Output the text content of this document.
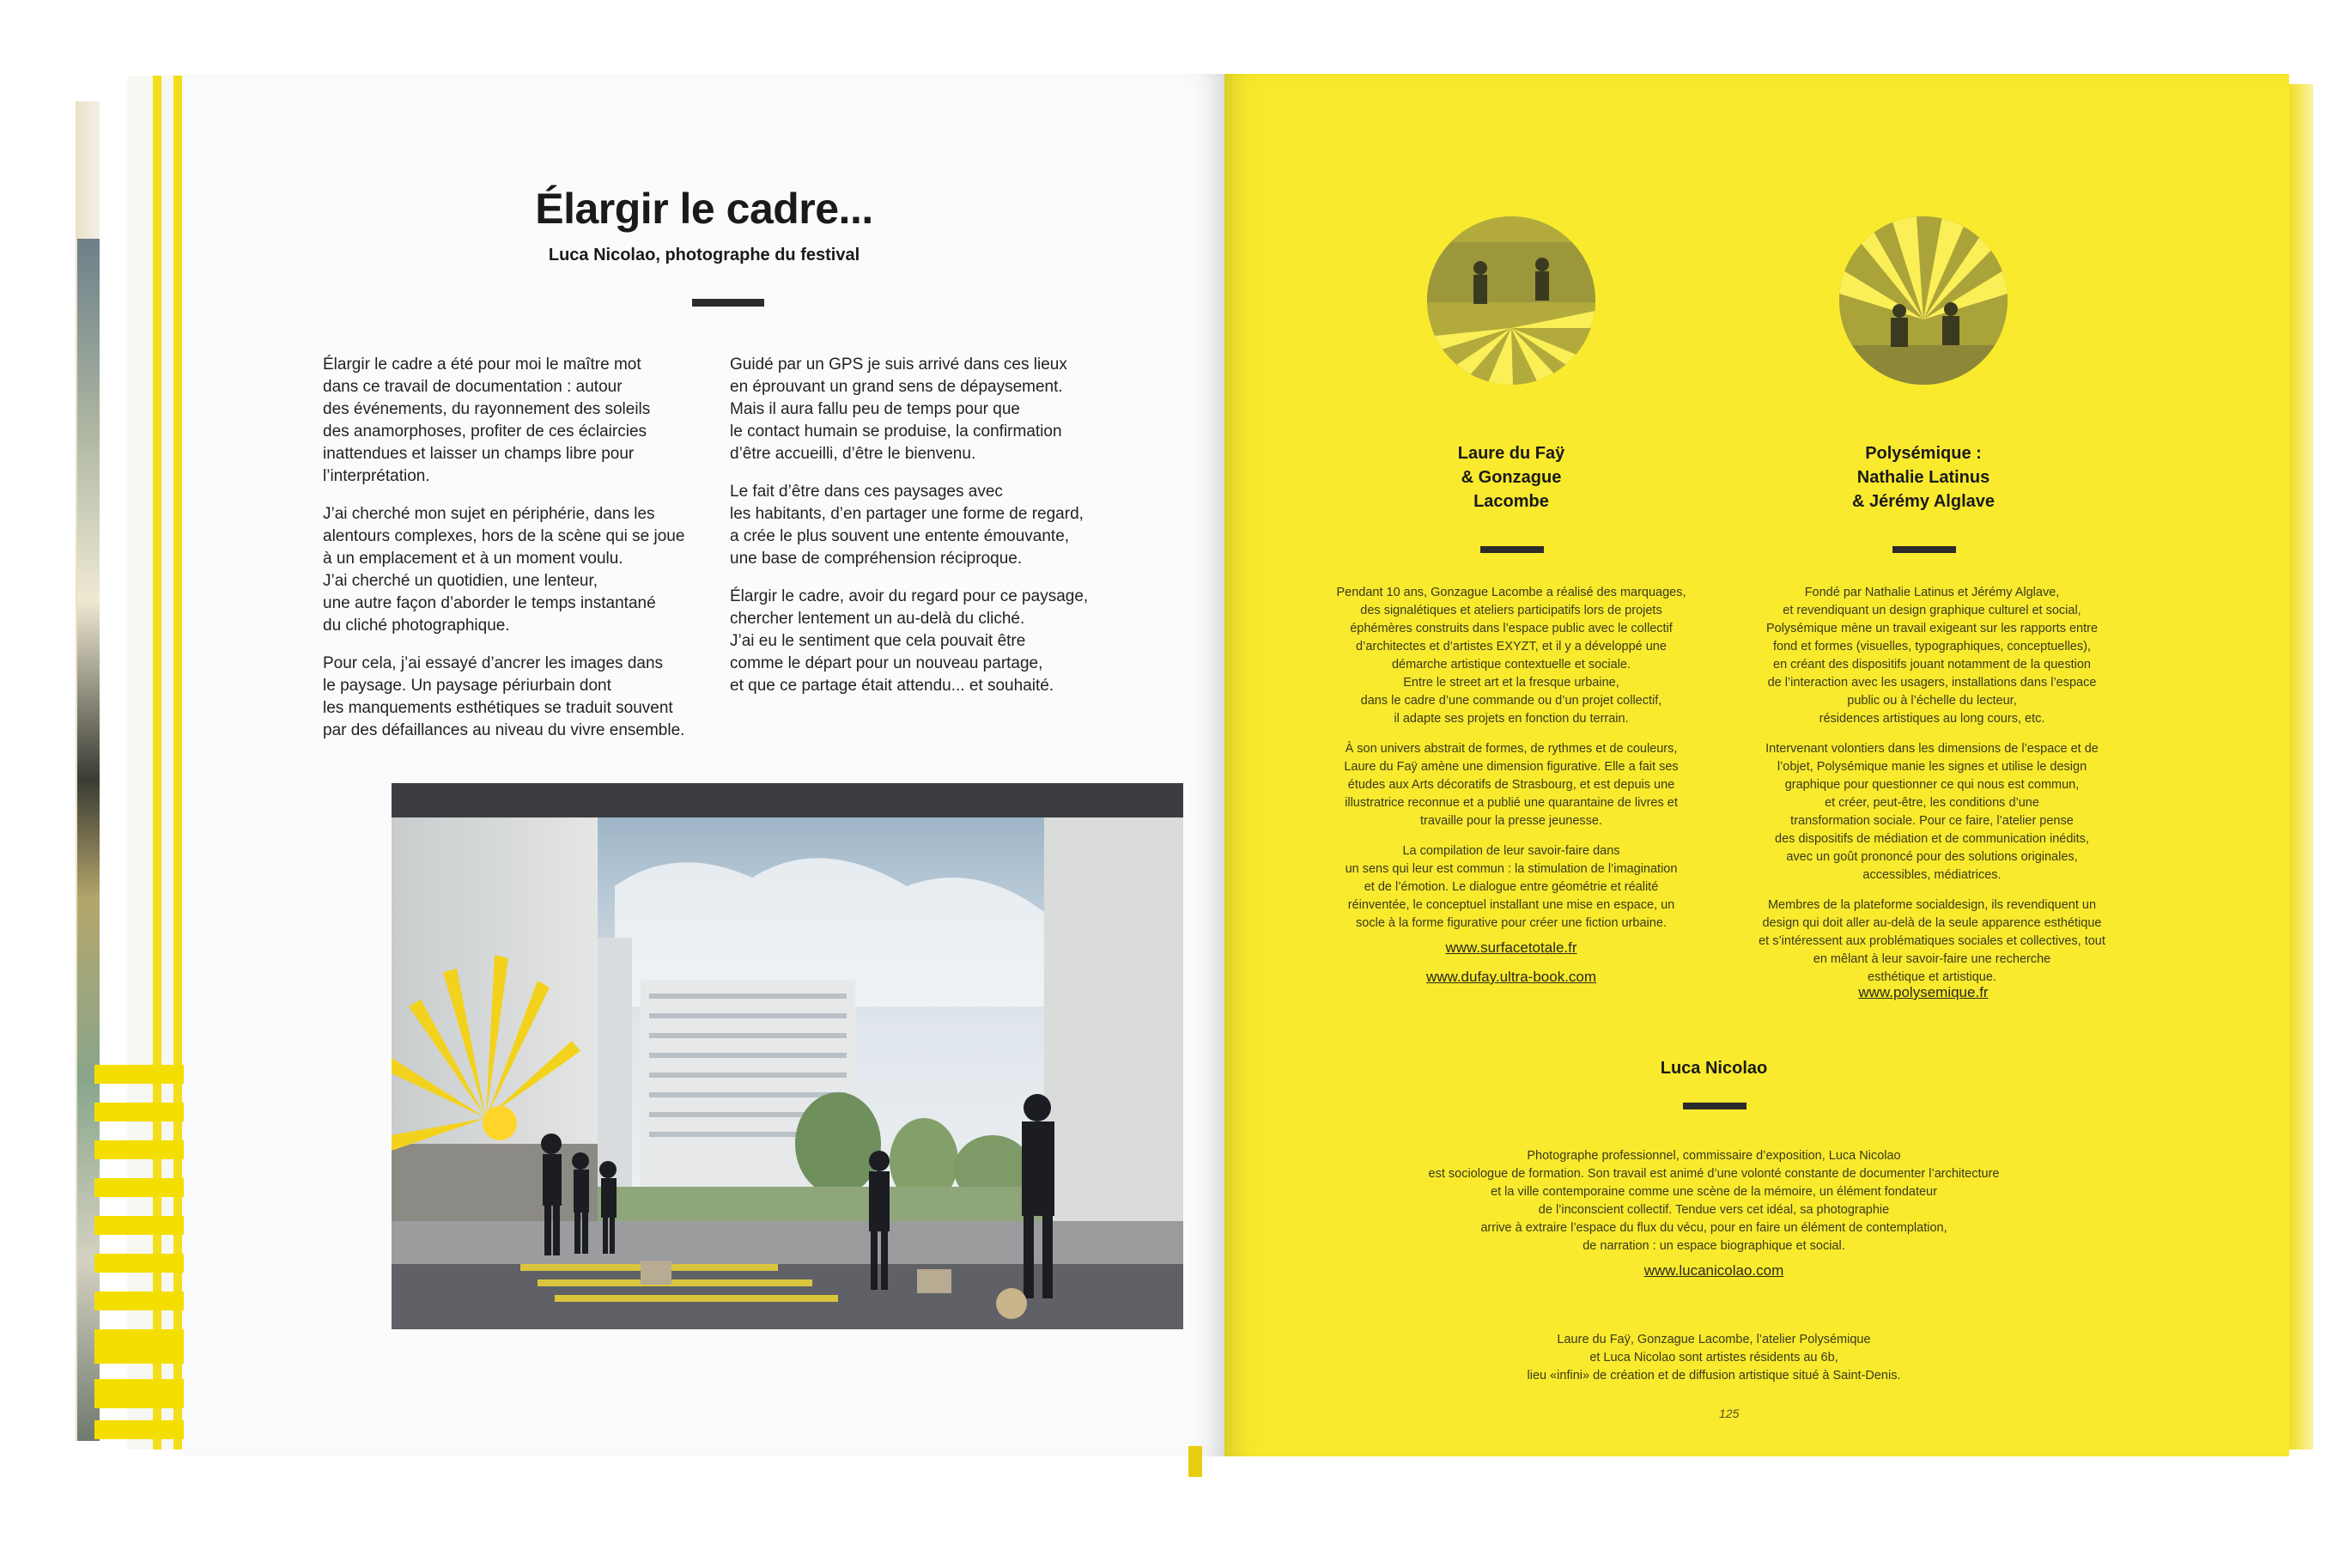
Élargir le cadre...
Luca Nicolao, photographe du festival

Élargir le cadre a été pour moi le maître mot
dans ce travail de documentation : autour
des événements, du rayonnement des soleils
des anamorphoses, profiter de ces éclaircies
inattendues et laisser un champs libre pour
l’interprétation.

J’ai cherché mon sujet en périphérie, dans les
alentours complexes, hors de la scène qui se joue
à un emplacement et à un moment voulu.
J’ai cherché un quotidien, une lenteur,
une autre façon d’aborder le temps instantané
du cliché photographique.

Pour cela, j’ai essayé d’ancrer les images dans
le paysage. Un paysage périurbain dont
les manquements esthétiques se traduit souvent
par des défaillances au niveau du vivre ensemble.

Guidé par un GPS je suis arrivé dans ces lieux
en éprouvant un grand sens de dépaysement.
Mais il aura fallu peu de temps pour que
le contact humain se produise, la confirmation
d’être accueilli, d’être le bienvenu.

Le fait d’être dans ces paysages avec
les habitants, d’en partager une forme de regard,
a crée le plus souvent une entente émouvante,
une base de compréhension réciproque.

Élargir le cadre, avoir du regard pour ce paysage,
chercher lentement un au-delà du cliché.
J’ai eu le sentiment que cela pouvait être
comme le départ pour un nouveau partage,
et que ce partage était attendu... et souhaité.

Laure du Faÿ
& Gonzague
Lacombe
Polysémique :
Nathalie Latinus
& Jérémy Alglave

Pendant 10 ans, Gonzague Lacombe a réalisé des marquages,
des signalétiques et ateliers participatifs lors de projets
éphémères construits dans l’espace public avec le collectif
d’architectes et d’artistes EXYZT, et il y a développé une
démarche artistique contextuelle et sociale.
Entre le street art et la fresque urbaine,
dans le cadre d’une commande ou d’un projet collectif,
il adapte ses projets en fonction du terrain.

À son univers abstrait de formes, de rythmes et de couleurs,
Laure du Faÿ amène une dimension figurative. Elle a fait ses
études aux Arts décoratifs de Strasbourg, et est depuis une
illustratrice reconnue et a publié une quarantaine de livres et
travaille pour la presse jeunesse.

La compilation de leur savoir-faire dans
un sens qui leur est commun : la stimulation de l’imagination
et de l’émotion. Le dialogue entre géométrie et réalité
réinventée, le conceptuel installant une mise en espace, un
socle à la forme figurative pour créer une fiction urbaine.

Fondé par Nathalie Latinus et Jérémy Alglave,
et revendiquant un design graphique culturel et social,
Polysémique mène un travail exigeant sur les rapports entre
fond et formes (visuelles, typographiques, conceptuelles),
en créant des dispositifs jouant notamment de la question
de l’interaction avec les usagers, installations dans l’espace
public ou à l’échelle du lecteur,
résidences artistiques au long cours, etc.

Intervenant volontiers dans les dimensions de l’espace et de
l’objet, Polysémique manie les signes et utilise le design
graphique pour questionner ce qui nous est commun,
et créer, peut-être, les conditions d’une
transformation sociale. Pour ce faire, l’atelier pense
des dispositifs de médiation et de communication inédits,
avec un goût prononcé pour des solutions originales,
accessibles, médiatrices.

Membres de la plateforme socialdesign, ils revendiquent un
design qui doit aller au-delà de la seule apparence esthétique
et s’intéressent aux problématiques sociales et collectives, tout
en mêlant à leur savoir-faire une recherche
esthétique et artistique.

www.surfacetotale.fr
www.dufay.ultra-book.com
www.polysemique.fr
Luca Nicolao

Photographe professionnel, commissaire d’exposition, Luca Nicolao
est sociologue de formation. Son travail est animé d’une volonté constante de documenter l’architecture
et la ville contemporaine comme une scène de la mémoire, un élément fondateur
de l’inconscient collectif. Tendue vers cet idéal, sa photographie
arrive à extraire l’espace du flux du vécu, pour en faire un élément de contemplation,
de narration : un espace biographique et social.

www.lucanicolao.com
Laure du Faÿ, Gonzague Lacombe, l’atelier Polysémique
et Luca Nicolao sont artistes résidents au 6b,
lieu «infini» de création et de diffusion artistique situé à Saint-Denis.
125
